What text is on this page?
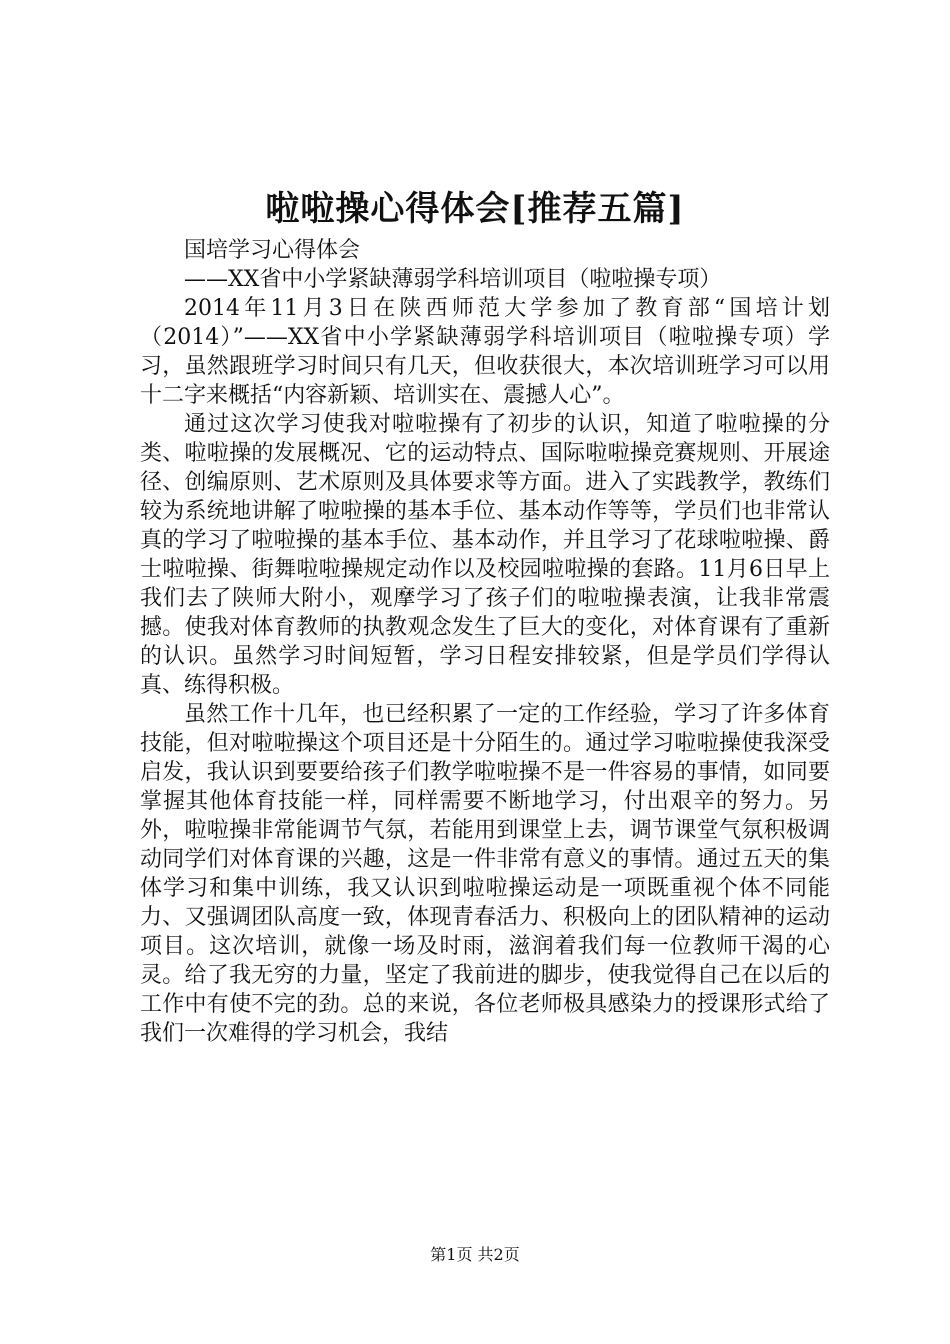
啦啦操心得体会[推荐五篇]

国培学习心得体会

——XX省中小学紧缺薄弱学科培训项目（啦啦操专项）

2014年11月3日在陕西师范大学参加了教育部“国培计划（2014）”——XX省中小学紧缺薄弱学科培训项目（啦啦操专项）学习，虽然跟班学习时间只有几天，但收获很大，本次培训班学习可以用十二字来概括“内容新颖、培训实在、震撼人心”。

通过这次学习使我对啦啦操有了初步的认识，知道了啦啦操的分类、啦啦操的发展概况、它的运动特点、国际啦啦操竞赛规则、开展途径、创编原则、艺术原则及具体要求等方面。进入了实践教学，教练们较为系统地讲解了啦啦操的基本手位、基本动作等等，学员们也非常认真的学习了啦啦操的基本手位、基本动作，并且学习了花球啦啦操、爵士啦啦操、街舞啦啦操规定动作以及校园啦啦操的套路。11月6日早上我们去了陕师大附小，观摩学习了孩子们的啦啦操表演，让我非常震撼。使我对体育教师的执教观念发生了巨大的变化，对体育课有了重新的认识。虽然学习时间短暂，学习日程安排较紧，但是学员们学得认真、练得积极。

虽然工作十几年，也已经积累了一定的工作经验，学习了许多体育技能，但对啦啦操这个项目还是十分陌生的。通过学习啦啦操使我深受启发，我认识到要要给孩子们教学啦啦操不是一件容易的事情，如同要掌握其他体育技能一样，同样需要不断地学习，付出艰辛的努力。另外，啦啦操非常能调节气氛，若能用到课堂上去，调节课堂气氛积极调动同学们对体育课的兴趣，这是一件非常有意义的事情。通过五天的集体学习和集中训练，我又认识到啦啦操运动是一项既重视个体不同能力、又强调团队高度一致，体现青春活力、积极向上的团队精神的运动项目。这次培训，就像一场及时雨，滋润着我们每一位教师干渴的心灵。给了我无穷的力量，坚定了我前进的脚步，使我觉得自己在以后的工作中有使不完的劲。总的来说，各位老师极具感染力的授课形式给了我们一次难得的学习机会，我结

第1页 共2页
